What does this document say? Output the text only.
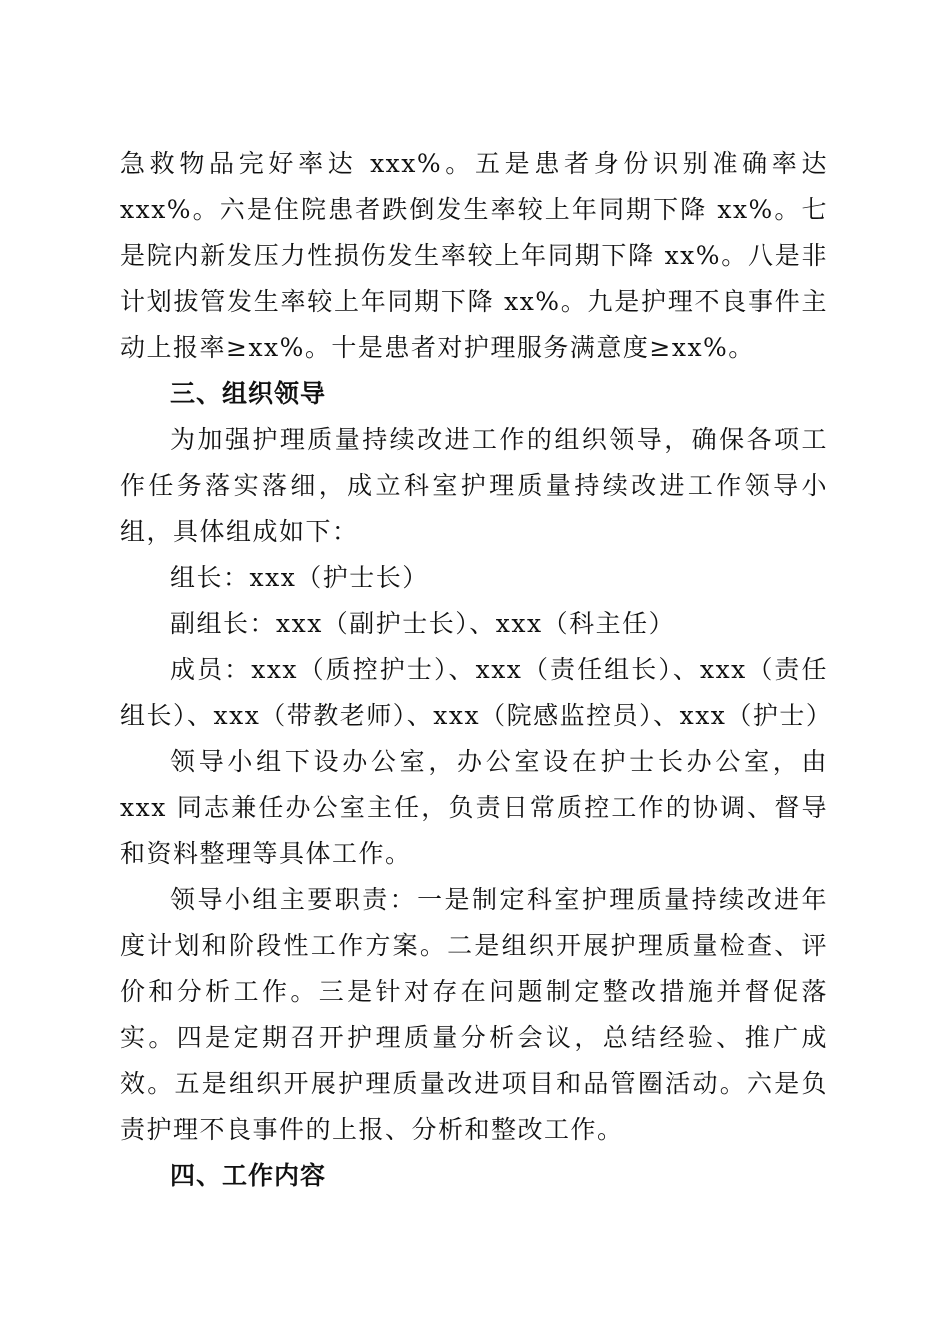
急救物品完好率达 xxx%。五是患者身份识别准确率达 xxx%。六是住院患者跌倒发生率较上年同期下降 xx%。七是院内新发压力性损伤发生率较上年同期下降 xx%。八是非计划拔管发生率较上年同期下降 xx%。九是护理不良事件主动上报率≥xx%。十是患者对护理服务满意度≥xx%。

三、组织领导

为加强护理质量持续改进工作的组织领导，确保各项工作任务落实落细，成立科室护理质量持续改进工作领导小组，具体组成如下：

组长：xxx（护士长）

副组长：xxx（副护士长）、xxx（科主任）

成员：xxx（质控护士）、xxx（责任组长）、xxx（责任组长）、xxx（带教老师）、xxx（院感监控员）、xxx（护士）

领导小组下设办公室，办公室设在护士长办公室，由 xxx 同志兼任办公室主任，负责日常质控工作的协调、督导和资料整理等具体工作。

领导小组主要职责：一是制定科室护理质量持续改进年度计划和阶段性工作方案。二是组织开展护理质量检查、评价和分析工作。三是针对存在问题制定整改措施并督促落实。四是定期召开护理质量分析会议，总结经验、推广成效。五是组织开展护理质量改进项目和品管圈活动。六是负责护理不良事件的上报、分析和整改工作。

四、工作内容
